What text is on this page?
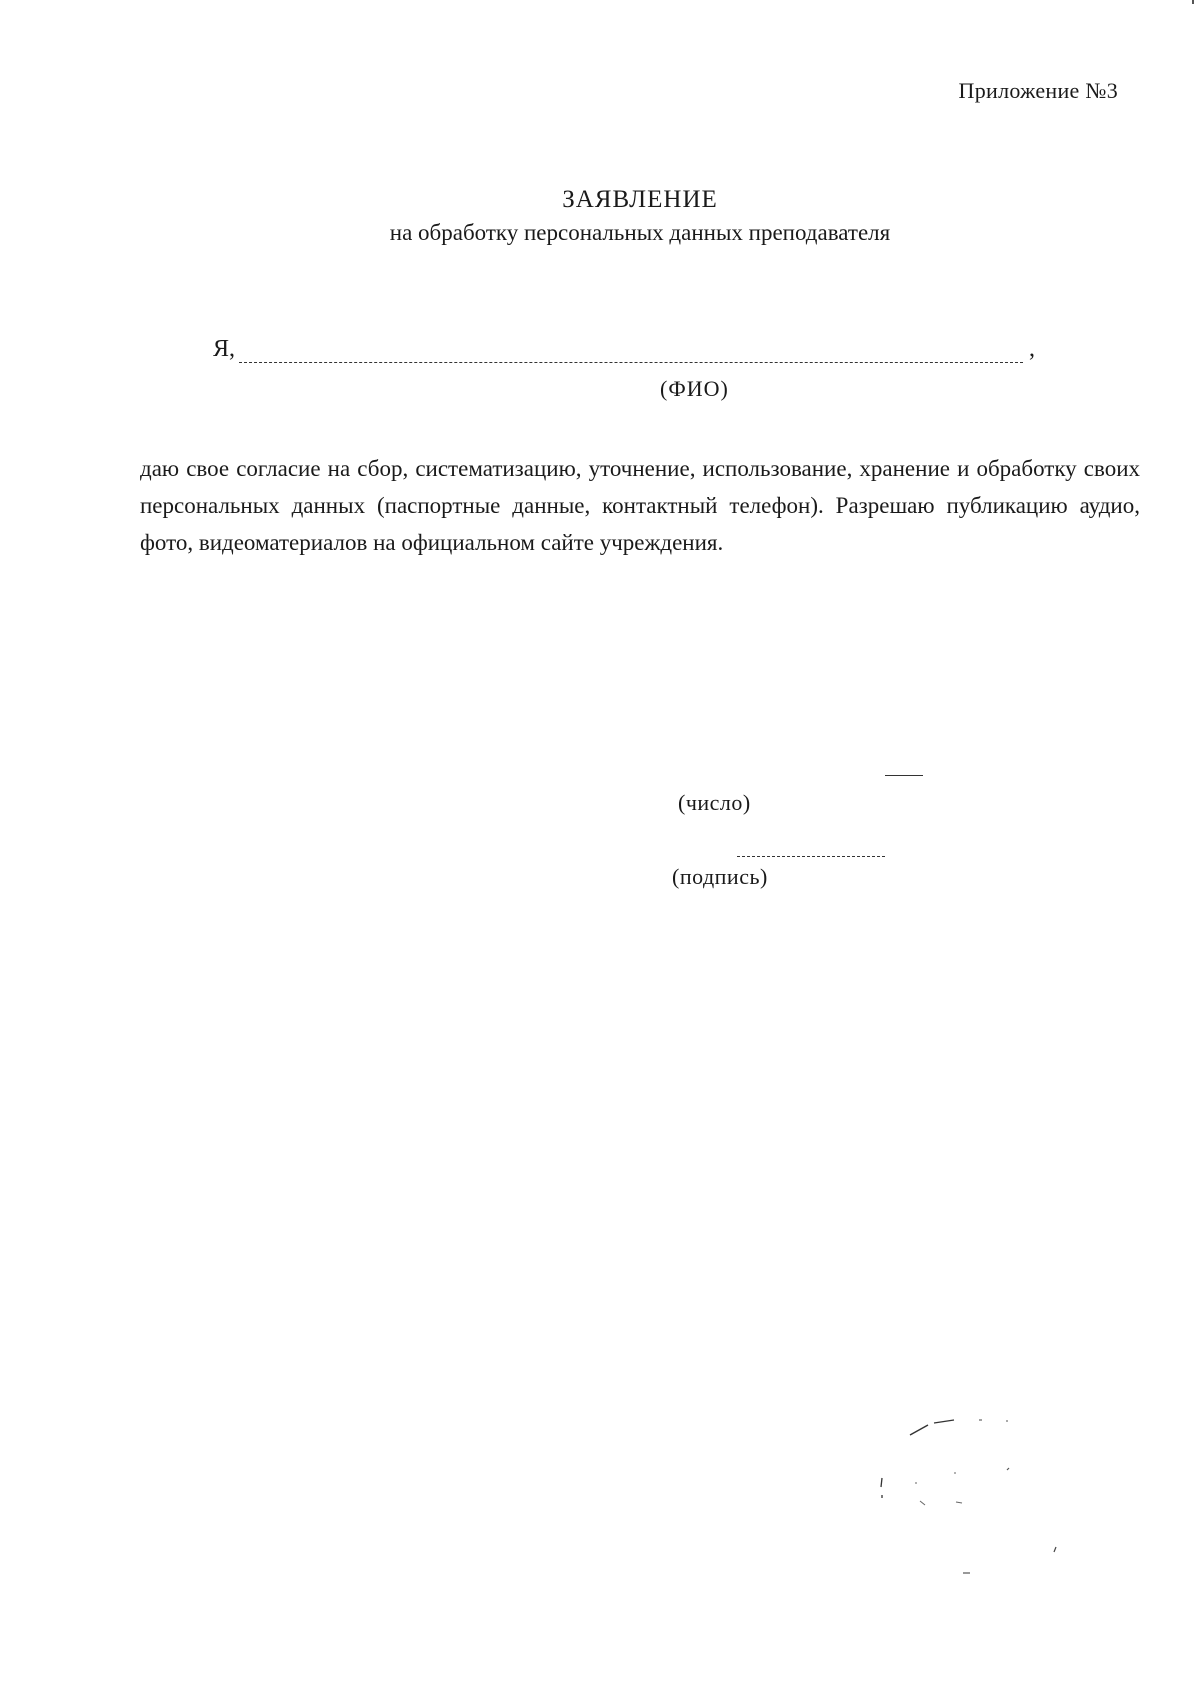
Приложение №3
ЗАЯВЛЕНИЕ

на обработку персональных данных преподавателя

Я,	,
(ФИО)

даю свое согласие на сбор, систематизацию, уточнение, использование, хранение и обработку своих персональных данных (паспортные данные, контактный телефон). Разрешаю публикацию аудио, фото, видеоматериалов на официальном сайте учреждения.

(число)
(подпись)
